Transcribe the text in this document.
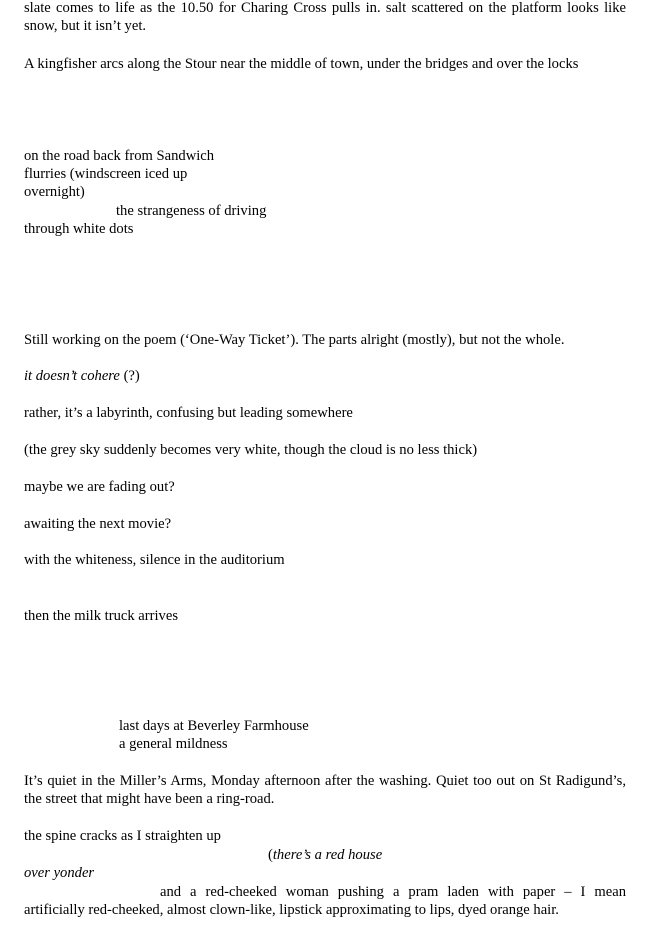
slate comes to life as the 10.50 for Charing Cross pulls in. salt scattered on the platform looks like snow, but it isn’t yet.
A kingfisher arcs along the Stour near the middle of town, under the bridges and over the locks
on the road back from Sandwich
flurries (windscreen iced up
overnight)
the strangeness of driving
through white dots
Still working on the poem (‘One-Way Ticket’). The parts alright (mostly), but not the whole.
it doesn’t cohere (?)
rather, it’s a labyrinth, confusing but leading somewhere
(the grey sky suddenly becomes very white, though the cloud is no less thick)
maybe we are fading out?
awaiting the next movie?
with the whiteness, silence in the auditorium
then the milk truck arrives
last days at Beverley Farmhouse
a general mildness
It’s quiet in the Miller’s Arms, Monday afternoon after the washing. Quiet too out on St Radigund’s, the street that might have been a ring-road.
the spine cracks as I straighten up
(there’s a red house
over yonder
and a red-cheeked woman pushing a pram laden with paper – I mean
artificially red-cheeked, almost clown-like, lipstick approximating to lips, dyed orange hair.
